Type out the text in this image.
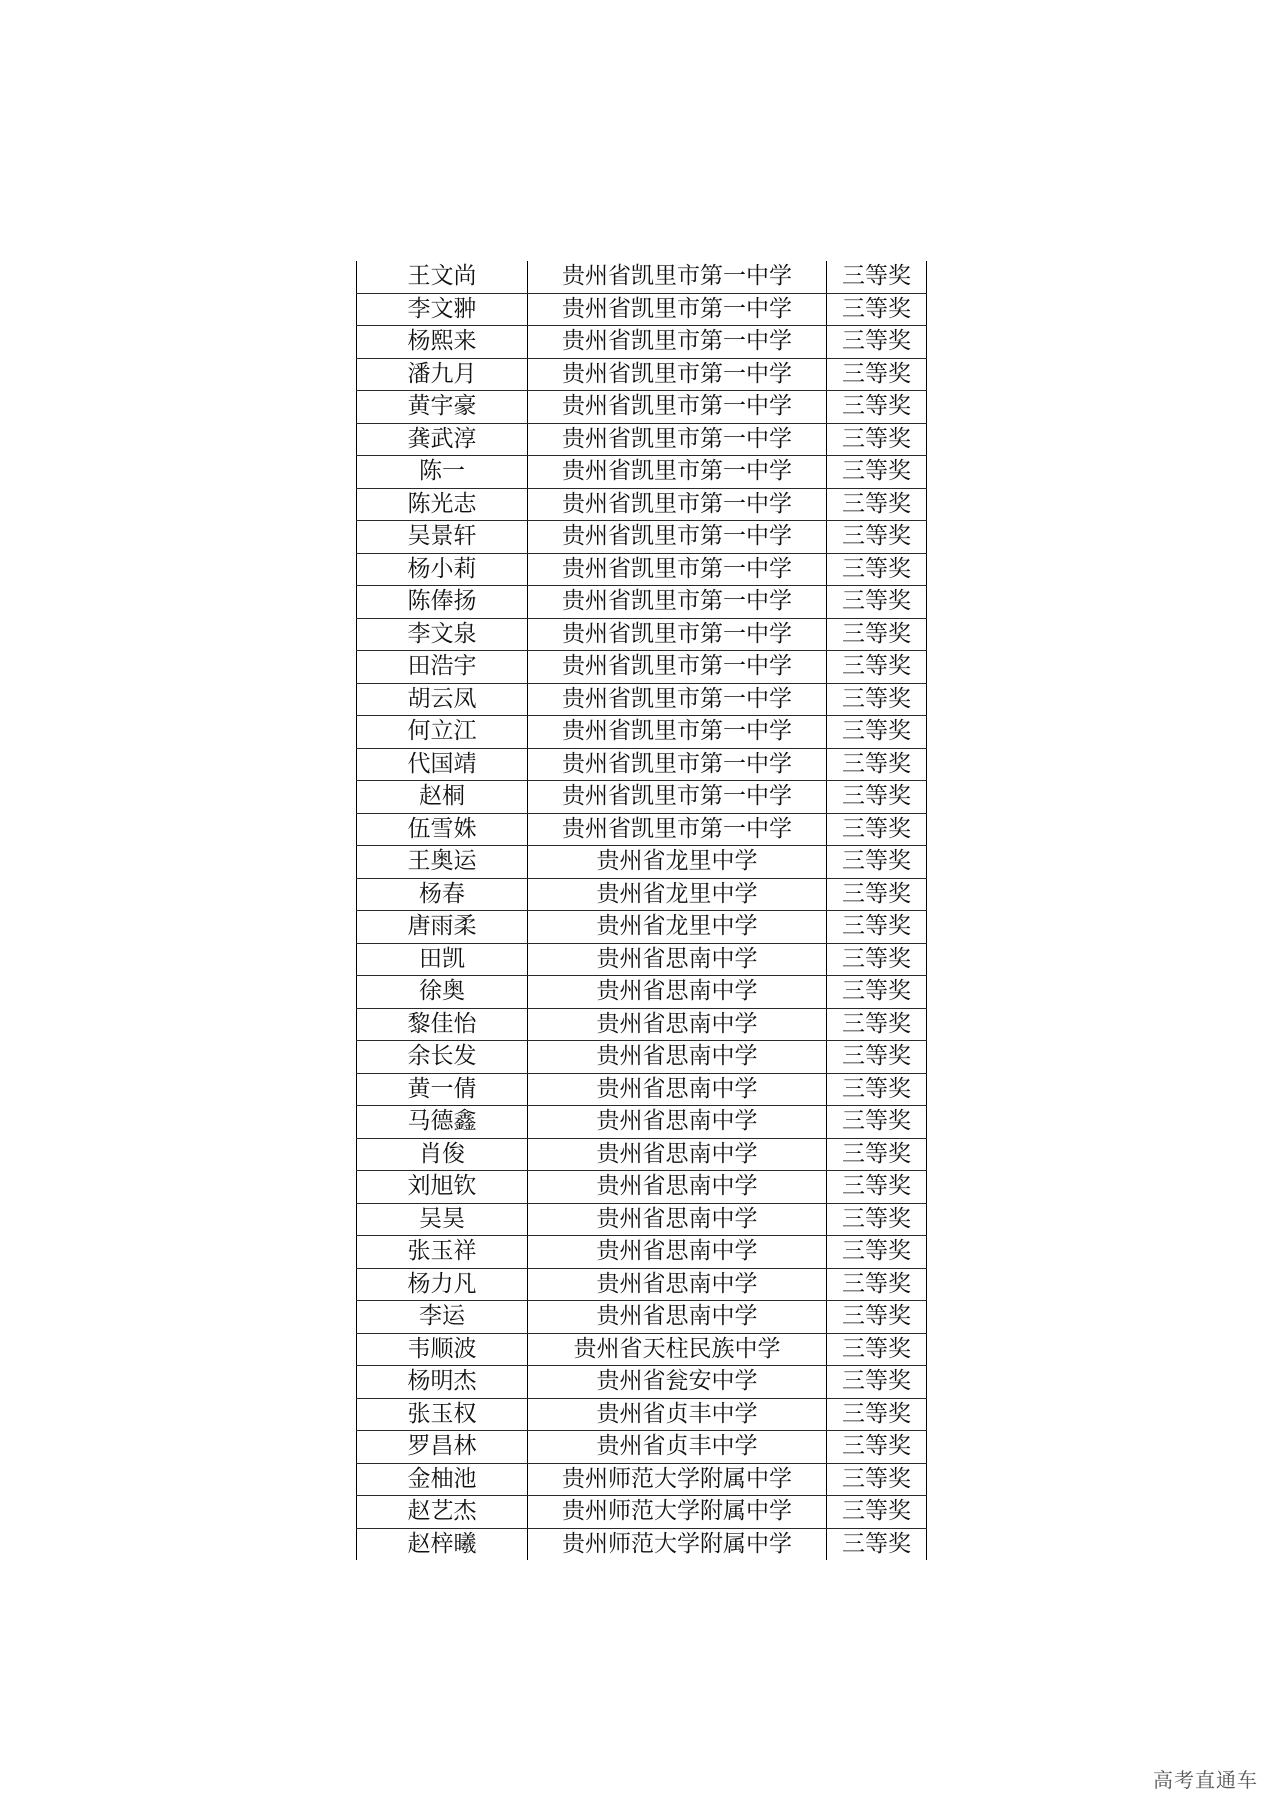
王文尚	贵州省凯里市第一中学	三等奖
李文翀	贵州省凯里市第一中学	三等奖
杨熙来	贵州省凯里市第一中学	三等奖
潘九月	贵州省凯里市第一中学	三等奖
黄宇豪	贵州省凯里市第一中学	三等奖
龚武淳	贵州省凯里市第一中学	三等奖
陈一	贵州省凯里市第一中学	三等奖
陈光志	贵州省凯里市第一中学	三等奖
吴景轩	贵州省凯里市第一中学	三等奖
杨小莉	贵州省凯里市第一中学	三等奖
陈俸扬	贵州省凯里市第一中学	三等奖
李文泉	贵州省凯里市第一中学	三等奖
田浩宇	贵州省凯里市第一中学	三等奖
胡云凤	贵州省凯里市第一中学	三等奖
何立江	贵州省凯里市第一中学	三等奖
代国靖	贵州省凯里市第一中学	三等奖
赵桐	贵州省凯里市第一中学	三等奖
伍雪姝	贵州省凯里市第一中学	三等奖
王奥运	贵州省龙里中学	三等奖
杨春	贵州省龙里中学	三等奖
唐雨柔	贵州省龙里中学	三等奖
田凯	贵州省思南中学	三等奖
徐奥	贵州省思南中学	三等奖
黎佳怡	贵州省思南中学	三等奖
余长发	贵州省思南中学	三等奖
黄一倩	贵州省思南中学	三等奖
马德鑫	贵州省思南中学	三等奖
肖俊	贵州省思南中学	三等奖
刘旭钦	贵州省思南中学	三等奖
吴昊	贵州省思南中学	三等奖
张玉祥	贵州省思南中学	三等奖
杨力凡	贵州省思南中学	三等奖
李运	贵州省思南中学	三等奖
韦顺波	贵州省天柱民族中学	三等奖
杨明杰	贵州省瓮安中学	三等奖
张玉权	贵州省贞丰中学	三等奖
罗昌林	贵州省贞丰中学	三等奖
金柚池	贵州师范大学附属中学	三等奖
赵艺杰	贵州师范大学附属中学	三等奖
赵梓曦	贵州师范大学附属中学	三等奖
高考直通车
